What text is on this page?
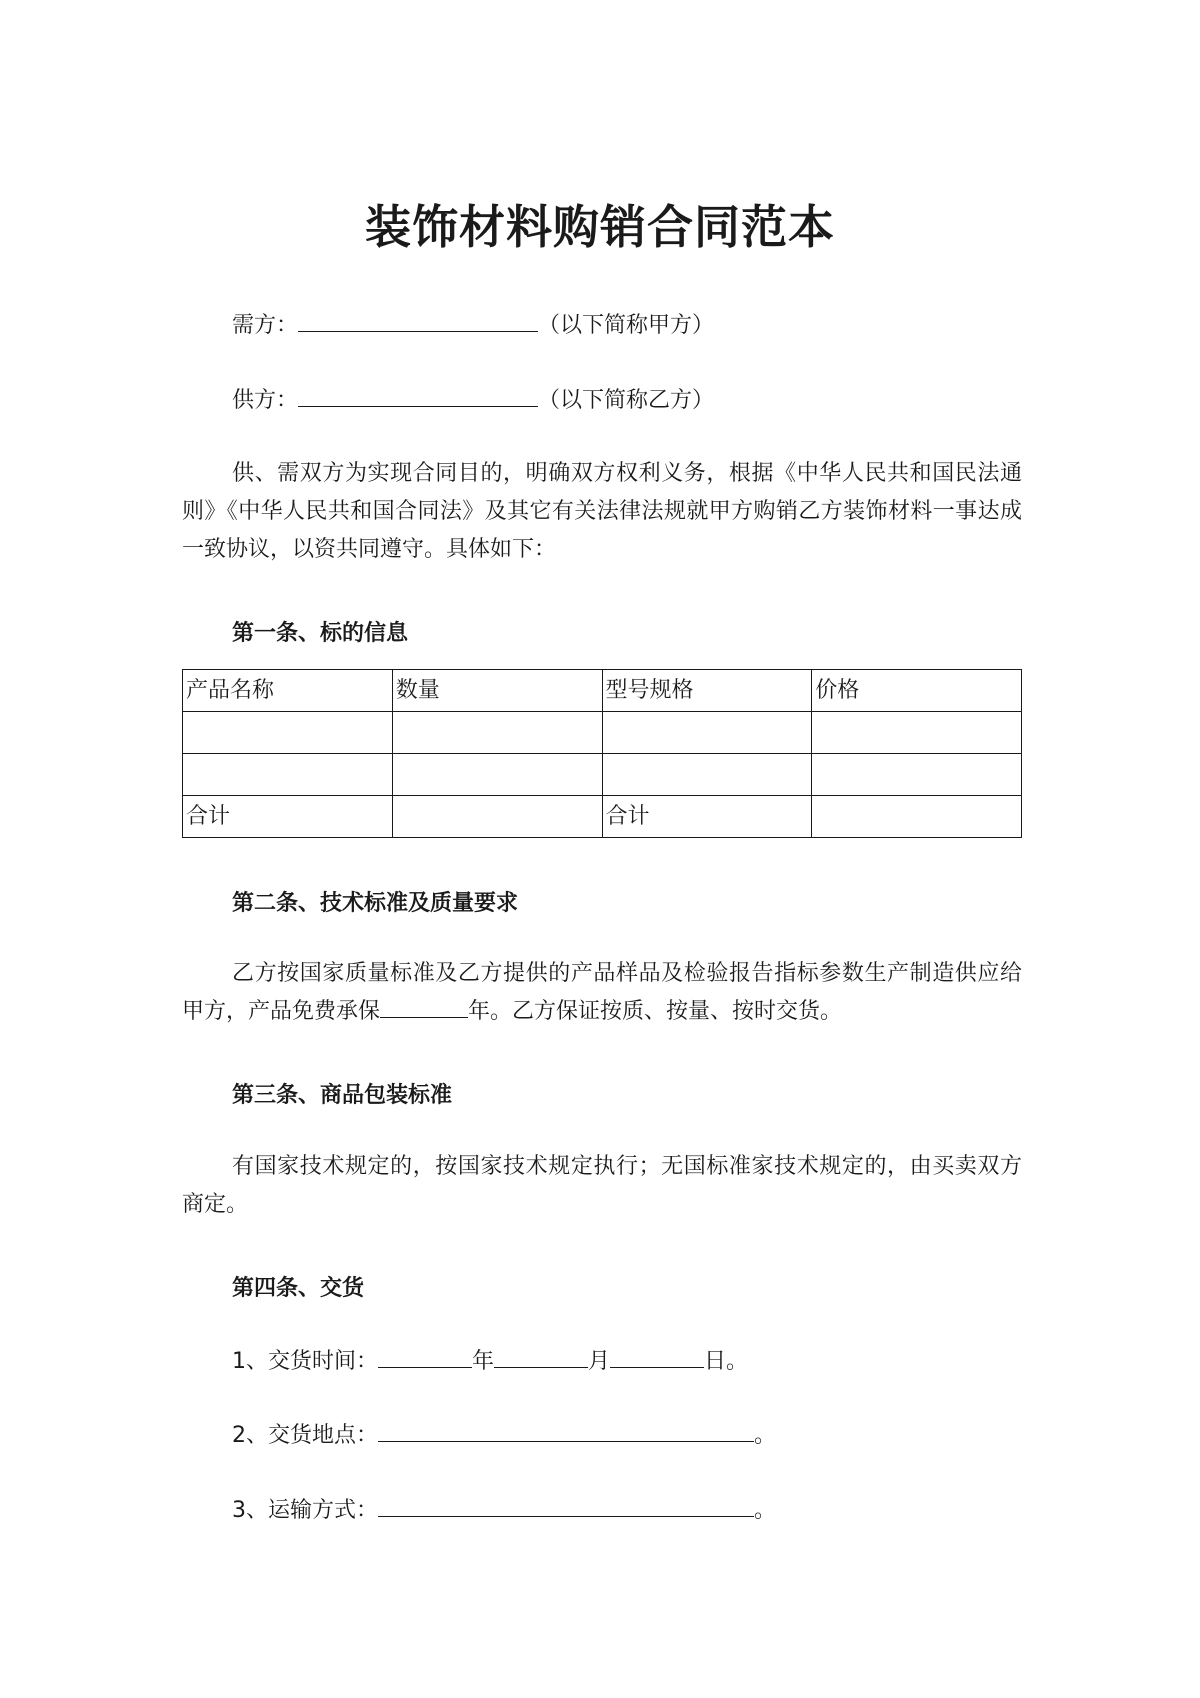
装饰材料购销合同范本
需方：	（以下简称甲方）
供方：	（以下简称乙方）
供、需双方为实现合同目的，明确双方权利义务，根据《中华人民共和国民法通则》《中华人民共和国合同法》及其它有关法律法规就甲方购销乙方装饰材料一事达成一致协议，以资共同遵守。具体如下：
第一条、标的信息
产品名称	数量	型号规格	价格

合计		合计	
第二条、技术标准及质量要求
乙方按国家质量标准及乙方提供的产品样品及检验报告指标参数生产制造供应给甲方，产品免费承保	年。乙方保证按质、按量、按时交货。
第三条、商品包装标准
有国家技术规定的，按国家技术规定执行；无国标准家技术规定的，由买卖双方商定。
第四条、交货
1、交货时间：	年	月	日。
2、交货地点：	。
3、运输方式：	。
